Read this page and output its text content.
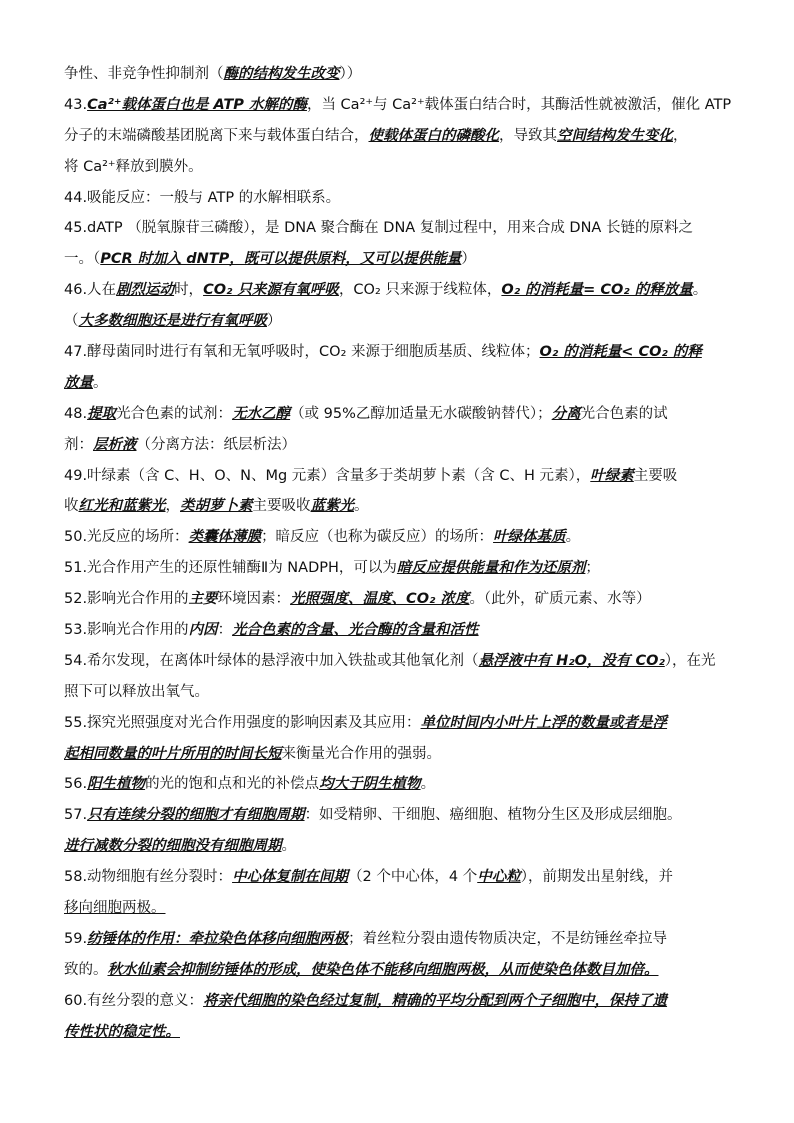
争性、非竞争性抑制剂（酶的结构发生改变））
43.Ca²⁺载体蛋白也是 ATP 水解的酶，当 Ca²⁺与 Ca²⁺载体蛋白结合时，其酶活性就被激活，催化 ATP
分子的末端磷酸基团脱离下来与载体蛋白结合，使载体蛋白的磷酸化，导致其空间结构发生变化，
将 Ca²⁺释放到膜外。
44.吸能反应：一般与 ATP 的水解相联系。
45.dATP （脱氧腺苷三磷酸），是 DNA 聚合酶在 DNA 复制过程中，用来合成 DNA 长链的原料之
一。（PCR 时加入 dNTP，既可以提供原料，又可以提供能量）
46.人在剧烈运动时，CO₂ 只来源有氧呼吸，CO₂ 只来源于线粒体，O₂ 的消耗量= CO₂ 的释放量。
（大多数细胞还是进行有氧呼吸）
47.酵母菌同时进行有氧和无氧呼吸时，CO₂ 来源于细胞质基质、线粒体；O₂ 的消耗量< CO₂ 的释
放量。
48.提取光合色素的试剂：无水乙醇（或 95%乙醇加适量无水碳酸钠替代）；分离光合色素的试
剂：层析液（分离方法：纸层析法）
49.叶绿素（含 C、H、O、N、Mg 元素）含量多于类胡萝卜素（含 C、H 元素），叶绿素主要吸
收红光和蓝紫光，类胡萝卜素主要吸收蓝紫光。
50.光反应的场所：类囊体薄膜；暗反应（也称为碳反应）的场所：叶绿体基质。
51.光合作用产生的还原性辅酶Ⅱ为 NADPH，可以为暗反应提供能量和作为还原剂；
52.影响光合作用的主要环境因素：光照强度、温度、CO₂ 浓度。（此外，矿质元素、水等）
53.影响光合作用的内因：光合色素的含量、光合酶的含量和活性
54.希尔发现，在离体叶绿体的悬浮液中加入铁盐或其他氧化剂（悬浮液中有 H₂O，没有 CO₂），在光
照下可以释放出氧气。
55.探究光照强度对光合作用强度的影响因素及其应用：单位时间内小叶片上浮的数量或者是浮
起相同数量的叶片所用的时间长短来衡量光合作用的强弱。
56.阳生植物的光的饱和点和光的补偿点均大于阴生植物。
57.只有连续分裂的细胞才有细胞周期：如受精卵、干细胞、癌细胞、植物分生区及形成层细胞。
进行减数分裂的细胞没有细胞周期。
58.动物细胞有丝分裂时：中心体复制在间期（2 个中心体，4 个中心粒），前期发出星射线，并
移向细胞两极。
59.纺锤体的作用：牵拉染色体移向细胞两极；着丝粒分裂由遗传物质决定，不是纺锤丝牵拉导
致的。秋水仙素会抑制纺锤体的形成，使染色体不能移向细胞两极，从而使染色体数目加倍。
60.有丝分裂的意义：将亲代细胞的染色经过复制，精确的平均分配到两个子细胞中，保持了遗
传性状的稳定性。
